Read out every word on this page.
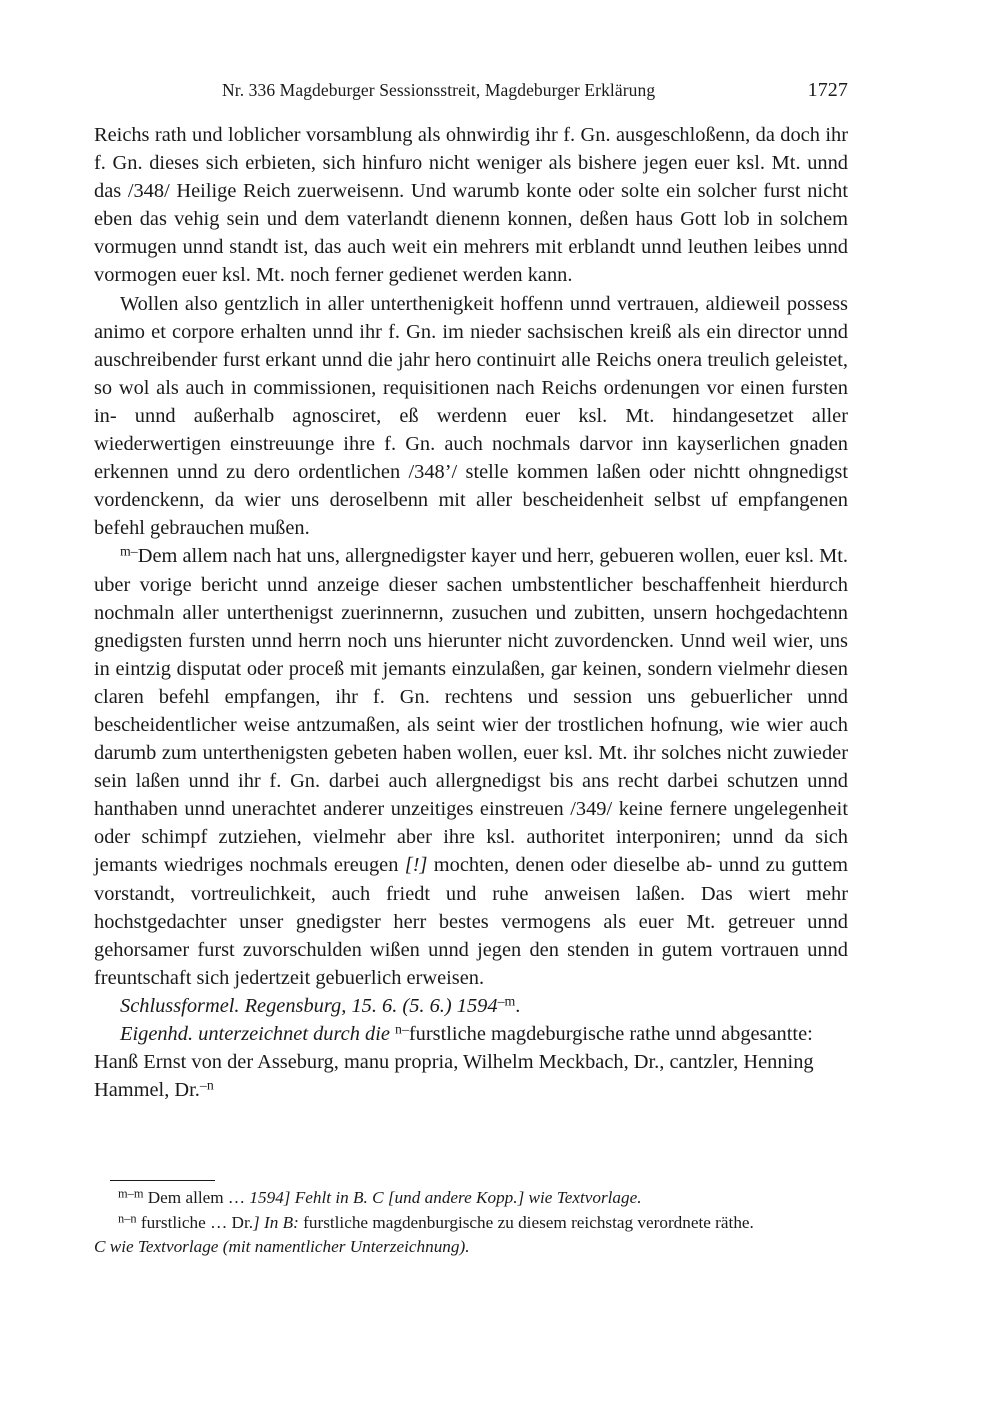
Nr. 336 Magdeburger Sessionsstreit, Magdeburger Erklärung	1727

Reichs rath und loblicher vorsamblung als ohnwirdig ihr f. Gn. ausgeschloßenn, da doch ihr f. Gn. dieses sich erbieten, sich hinfuro nicht weniger als bishere jegen euer ksl. Mt. unnd das /348/ Heilige Reich zuerweisenn. Und warumb konte oder solte ein solcher furst nicht eben das vehig sein und dem vaterlandt dienenn konnen, deßen haus Gott lob in solchem vormugen unnd standt ist, das auch weit ein mehrers mit erblandt unnd leuthen leibes unnd vormogen euer ksl. Mt. noch ferner gedienet werden kann.

Wollen also gentzlich in aller unterthenigkeit hoffenn unnd vertrauen, aldieweil possess animo et corpore erhalten unnd ihr f. Gn. im nieder sachsischen kreiß als ein director unnd auschreibender furst erkant unnd die jahr hero continuirt alle Reichs onera treulich geleistet, so wol als auch in commissionen, requisitionen nach Reichs ordenungen vor einen fursten in- unnd außerhalb agnosciret, eß werdenn euer ksl. Mt. hindangesetzet aller wiederwertigen einstreuunge ihre f. Gn. auch nochmals darvor inn kayserlichen gnaden erkennen unnd zu dero ordentlichen /348’/ stelle kommen laßen oder nichtt ohngnedigst vordenckenn, da wier uns deroselbenn mit aller bescheidenheit selbst uf empfangenen befehl gebrauchen mußen.

$^{m-}$Dem allem nach hat uns, allergnedigster kayer und herr, gebueren wollen, euer ksl. Mt. uber vorige bericht unnd anzeige dieser sachen umbstentlicher beschaffenheit hierdurch nochmaln aller unterthenigst zuerinnernn, zusuchen und zubitten, unsern hochgedachtenn gnedigsten fursten unnd herrn noch uns hierunter nicht zuvordencken. Unnd weil wier, uns in eintzig disputat oder proceß mit jemants einzulaßen, gar keinen, sondern vielmehr diesen claren befehl empfangen, ihr f. Gn. rechtens und session uns gebuerlicher unnd bescheidentlicher weise antzumaßen, als seint wier der trostlichen hofnung, wie wier auch darumb zum unterthenigsten gebeten haben wollen, euer ksl. Mt. ihr solches nicht zuwieder sein laßen unnd ihr f. Gn. darbei auch allergnedigst bis ans recht darbei schutzen unnd hanthaben unnd unerachtet anderer unzeitiges einstreuen /349/ keine fernere ungelegenheit oder schimpf zutziehen, vielmehr aber ihre ksl. authoritet interponiren; unnd da sich jemants wiedriges nochmals ereugen [!] mochten, denen oder dieselbe ab- unnd zu guttem vorstandt, vortreulichkeit, auch friedt und ruhe anweisen laßen. Das wiert mehr hochstgedachter unser gnedigster herr bestes vermogens als euer Mt. getreuer unnd gehorsamer furst zuvorschulden wißen unnd jegen den stenden in gutem vortrauen unnd freuntschaft sich jedertzeit gebuerlich erweisen.

Schlussformel. Regensburg, 15. 6. (5. 6.) 1594$^{-m}$.

Eigenhd. unterzeichnet durch die $^{n-}$furstliche magdeburgische rathe unnd abgesantte: Hanß Ernst von der Asseburg, manu propria, Wilhelm Meckbach, Dr., cantzler, Henning Hammel, Dr.$^{-n}$

$^{m-m}$ Dem allem … 1594] Fehlt in B. C [und andere Kopp.] wie Textvorlage.

$^{n-n}$ furstliche … Dr.] In B: furstliche magdenburgische zu diesem reichstag verordnete räthe.

C wie Textvorlage (mit namentlicher Unterzeichnung).
